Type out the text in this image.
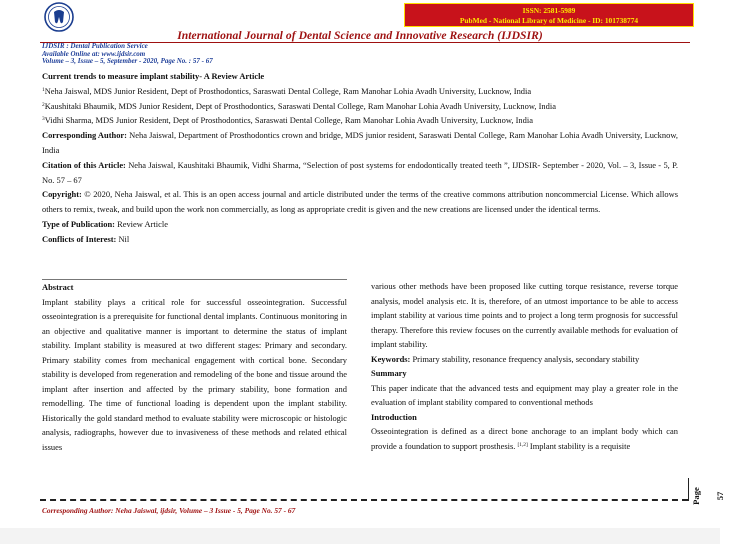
ISSN: 2581-5989
PubMed - National Library of Medicine - ID: 101738774
International Journal of Dental Science and Innovative Research (IJDSIR)
IJDSIR : Dental Publication Service
Available Online at: www.ijdsir.com
Volume – 3, Issue – 5, September - 2020, Page No. : 57 - 67

Current trends to measure implant stability- A Review Article

$^1$Neha Jaiswal, MDS Junior Resident, Dept of Prosthodontics, Saraswati Dental College, Ram Manohar Lohia Avadh University, Lucknow, India

$^2$Kaushitaki Bhaumik, MDS Junior Resident, Dept of Prosthodontics, Saraswati Dental College, Ram Manohar Lohia Avadh University, Lucknow, India

$^3$Vidhi Sharma, MDS Junior Resident, Dept of Prosthodontics, Saraswati Dental College, Ram Manohar Lohia Avadh University, Lucknow, India

Corresponding Author: Neha Jaiswal, Department of Prosthodontics crown and bridge, MDS junior resident, Saraswati Dental College, Ram Manohar Lohia Avadh University, Lucknow, India

Citation of this Article: Neha Jaiswal, Kaushitaki Bhaumik, Vidhi Sharma, “Selection of post systems for endodontically treated teeth ”, IJDSIR- September - 2020, Vol. – 3, Issue - 5, P. No. 57 – 67

Copyright: © 2020, Neha Jaiswal, et al. This is an open access journal and article distributed under the terms of the creative commons attribution noncommercial License. Which allows others to remix, tweak, and build upon the work non commercially, as long as appropriate credit is given and the new creations are licensed under the identical terms.

Type of Publication: Review Article

Conflicts of Interest: Nil

Abstract

Implant stability plays a critical role for successful osseointegration. Successful osseointegration is a prerequisite for functional dental implants. Continuous monitoring in an objective and qualitative manner is important to determine the status of implant stability. Implant stability is measured at two different stages: Primary and secondary. Primary stability comes from mechanical engagement with cortical bone. Secondary stability is developed from regeneration and remodeling of the bone and tissue around the implant after insertion and affected by the primary stability, bone formation and remodelling. The time of functional loading is dependent upon the implant stability. Historically the gold standard method to evaluate stability were microscopic or histologic analysis, radiographs, however due to invasiveness of these methods and related ethical issues

various other methods have been proposed like cutting torque resistance, reverse torque analysis, model analysis etc. It is, therefore, of an utmost importance to be able to access implant stability at various time points and to project a long term prognosis for successful therapy. Therefore this review focuses on the currently available methods for evaluation of implant stability.

Keywords: Primary stability, resonance frequency analysis, secondary stability

Summary

This paper indicate that the advanced tests and equipment may play a greater role in the evaluation of implant stability compared to conventional methods

Introduction

Osseointegration is defined as a direct bone anchorage to an implant body which can provide a foundation to support prosthesis. [1,2] Implant stability is a requisite

Page 57
Corresponding Author: Neha Jaiswal, ijdsir, Volume – 3 Issue - 5, Page No. 57 - 67
